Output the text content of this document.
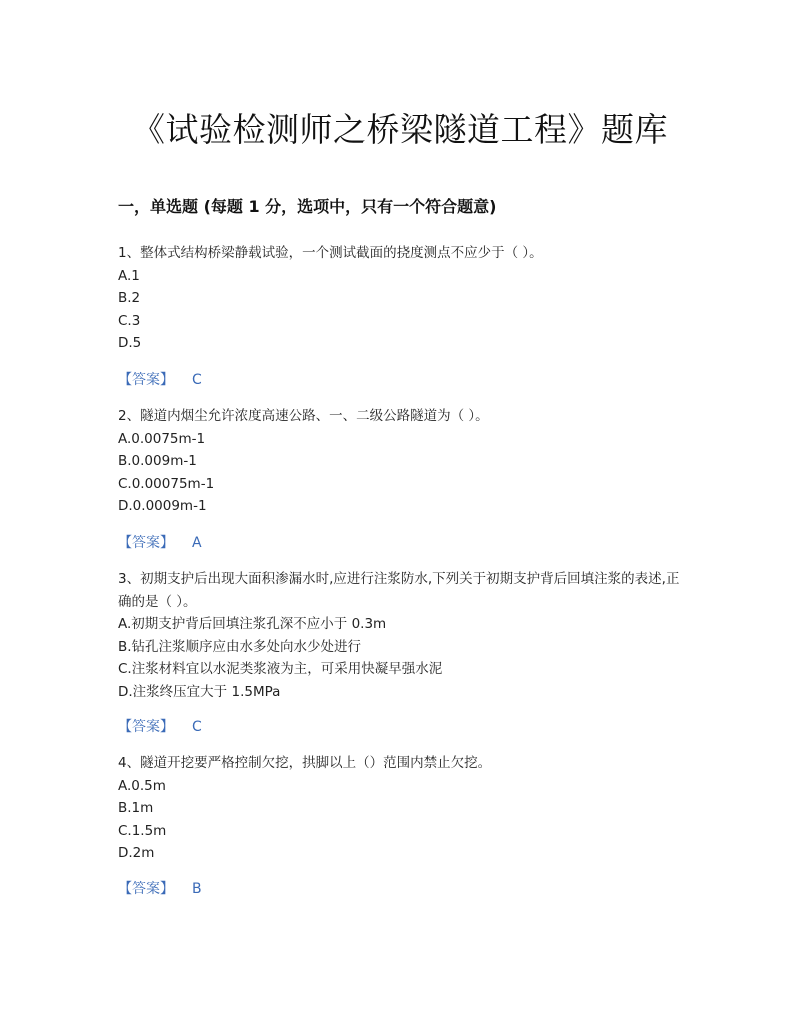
《试验检测师之桥梁隧道工程》题库
一，单选题 (每题 1 分，选项中，只有一个符合题意)

1、整体式结构桥梁静载试验，一个测试截面的挠度测点不应少于（ ）。

A.1

B.2

C.3

D.5

【答案】 C

2、隧道内烟尘允许浓度高速公路、一、二级公路隧道为（ ）。

A.0.0075m-1

B.0.009m-1

C.0.00075m-1

D.0.0009m-1

【答案】 A

3、初期支护后出现大面积渗漏水时,应进行注浆防水,下列关于初期支护背后回填注浆的表述,正确的是（ ）。

A.初期支护背后回填注浆孔深不应小于 0.3m

B.钻孔注浆顺序应由水多处向水少处进行

C.注浆材料宜以水泥类浆液为主，可采用快凝早强水泥

D.注浆终压宜大于 1.5MPa

【答案】 C

4、隧道开挖要严格控制欠挖，拱脚以上（）范围内禁止欠挖。

A.0.5m

B.1m

C.1.5m

D.2m

【答案】 B
